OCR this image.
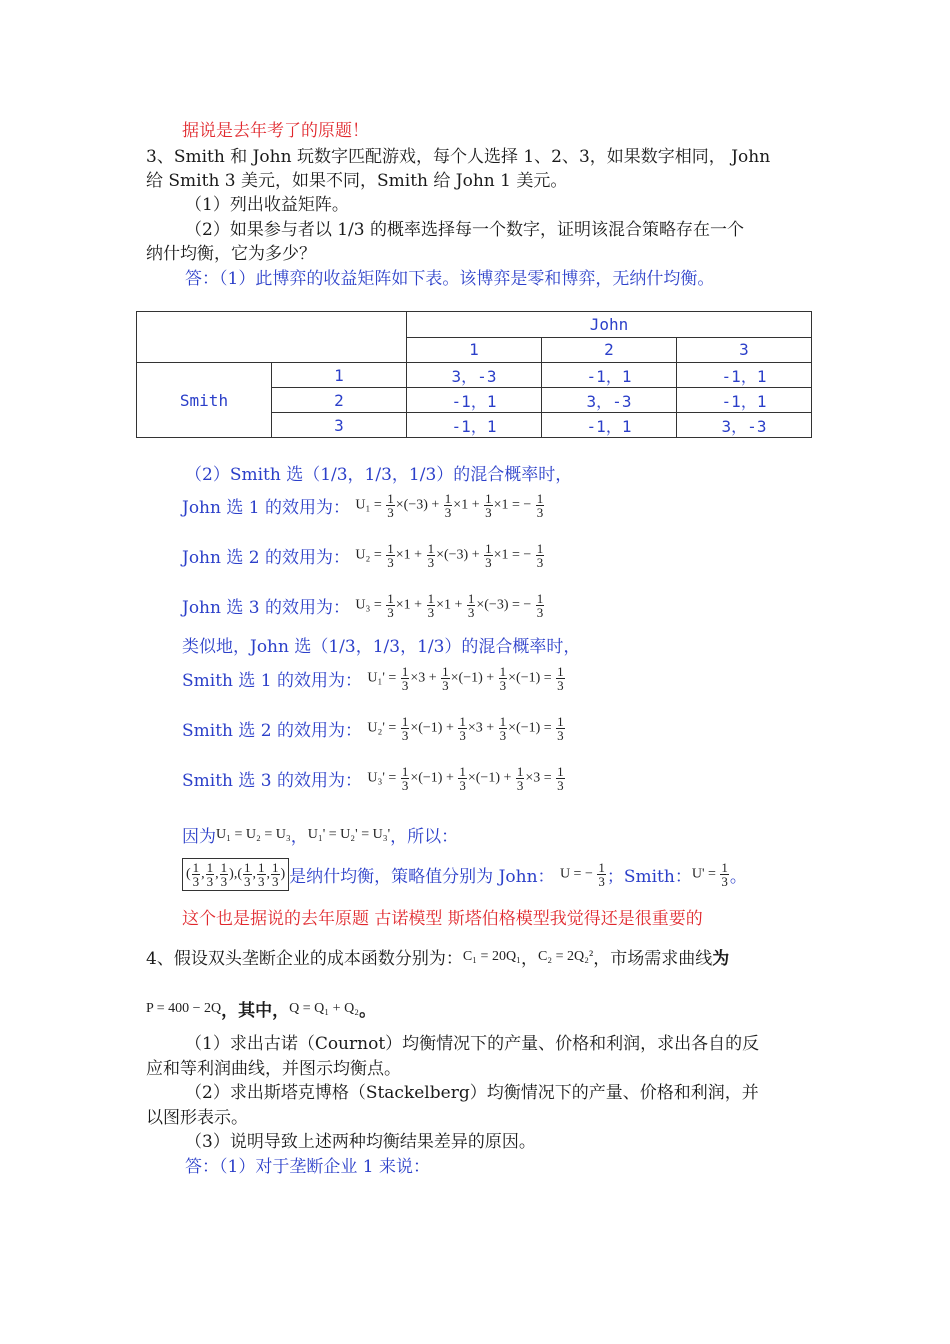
据说是去年考了的原题！
3、Smith 和 John 玩数字匹配游戏，每个人选择 1、2、3，如果数字相同， John
给 Smith 3 美元，如果不同，Smith 给 John 1 美元。
（1）列出收益矩阵。
（2）如果参与者以 1/3 的概率选择每一个数字，证明该混合策略存在一个
纳什均衡，它为多少？
答：（1）此博弈的收益矩阵如下表。该博弈是零和博弈，无纳什均衡。
		John		
		1	2	3
Smith	1	3，-3	-1，1	-1，1
	2	-1，1	3，-3	-1，1
	3	-1，1	-1，1	3，-3
（2）Smith 选（1/3，1/3，1/3）的混合概率时，
John 选 1 的效用为： $U_1 = \frac{1}{3} \times(-3) + \frac{1}{3} \times 1 + \frac{1}{3} \times 1$ = − $\frac{1}{3}$
John 选 2 的效用为： $U_2 = \frac{1}{3} \times 1 + \frac{1}{3} \times(-3) + \frac{1}{3} \times 1$ = − $\frac{1}{3}$
John 选 3 的效用为： $U_3 = \frac{1}{3} \times 1 + \frac{1}{3} \times 1 + \frac{1}{3} \times(-3)$ = − $\frac{1}{3}$
类似地，John 选（1/3，1/3，1/3）的混合概率时，
Smith 选 1 的效用为： $U_1' = \frac{1}{3} \times 3 + \frac{1}{3} \times(-1) + \frac{1}{3} \times(-1) = \frac{1}{3}$
Smith 选 2 的效用为： $U_2' = \frac{1}{3} \times(-1) + \frac{1}{3} \times 3 + \frac{1}{3} \times(-1) = \frac{1}{3}$
Smith 选 3 的效用为： $U_3' = \frac{1}{3} \times(-1) + \frac{1}{3} \times(-1) + \frac{1}{3} \times 3 = \frac{1}{3}$
因为U₁ = U₂ = U₃，U₁' = U₂' = U₃'，所以：
( $\frac{1}{3}$ , $\frac{1}{3}$ , $\frac{1}{3}$ ),( $\frac{1}{3}$ , $\frac{1}{3}$ , $\frac{1}{3}$ ) 是纳什均衡，策略值分别为 John： U = − $\frac{1}{3}$ ；Smith：$U' = \frac{1}{3}$ 。
这个也是据说的去年原题 古诺模型 斯塔伯格模型我觉得还是很重要的
4、假设双头垄断企业的成本函数分别为：C₁ = 20Q₁，C₂ = 2Q₂²，市场需求曲线为
P = 400 − 2Q，其中，Q = Q₁ + Q₂。
（1）求出古诺（Cournot）均衡情况下的产量、价格和利润，求出各自的反
应和等利润曲线，并图示均衡点。
（2）求出斯塔克博格（Stackelberg）均衡情况下的产量、价格和利润，并
以图形表示。
（3）说明导致上述两种均衡结果差异的原因。
答：（1）对于垄断企业 1 来说：
